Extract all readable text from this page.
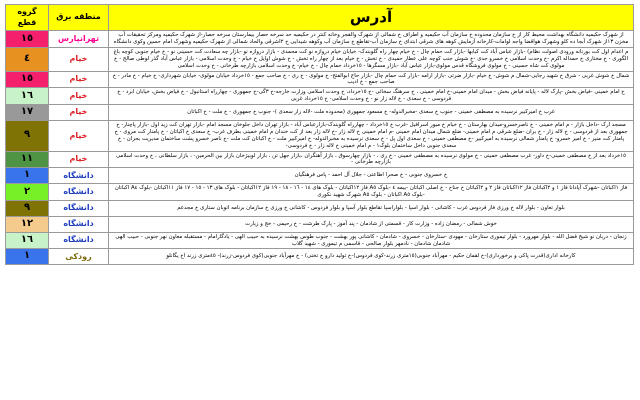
آدرس	منطقه برق	گروه قطع
از شهرک حکیمیه دانشگاه بهداشت محیط کار از خ سازمان محدوده خ سازمان آب حکیمیه و اطراف خ شمالی از شهرک والفجر وخانه کنتر در حکیمیه حد سرخه حصار بیمارستان سرخه حصار-از شهرک حکیمیه ومرکز تحقیقات آب مخزن ١٣از شهرک آبجا ده کلو وشهرک هواقضا واجه لوامات-کارخانه آزمایش کوهه های شرقی ابتدای خ سازمان آب-تقاطع خ سازمان آب وکوهه شیدایی خ ٢اشرقی والحاد شمالی از شهرک حکیمیه وشهرک امام حسین وکوی دانشگاه	تهرانپارس	١٥
م اعدام اول کت بورنانه ورودی اصولت نظام) -بازار عباس آباد کت کبابها -بازار کت حمام چال - خ خیام چهار راه گلوبندک- خیابان خیام دروازه نو کت محمدی - بازار دروازه نو -بازار چه سعادت کت حسینی نو - خ خیام جنوبی کوچه باغ الگوری - خ مختاری خ حمداله اکرم -خ وحدت اسلامی خ خسرو جدی -خ شوش جنب کوچه علی عطار حمیدی - خ تخش - خ خیام بعد از چهار راه تخش - خ شوش اوایل خ خیام - خ وحدت اسلامی - بازار عباس آباد گذر لوطی صالح - خ مولوی کت شاه حسینی - خ مولوی فروشگاه قدس مولوی-بازار عباس آباد -بازار مسگرها - ١٥خرداد حمام چال - خ خیام- خ وحدت اسلامی بازارچه طرخانی - خ وحدت اسلامی	خیام	٤
شمال خ شوش غربی - شرق خ شهید رجایی-شمال م شوش- خ خیام -بازار ضرتی -بازار ارامه -بازار کت حمام چال -بازار حاج ابوالفتح- خ مولوی - خ ری - خ صاحب جمع - ١٥خرداد خیابان مولوی- خیابان شهرداری- خ خیام - خ مادر - خ صاحب جمع - خ ادیب	خیام	١٥
خ امام خمینی -فیاض بخش -پارک لاله - پایانه فیاض بخش - میدان امام خمینی-خ امام خمینی ، خ سرهنگ سخائی -خ ١٥خرداد، خ وحدت اسلامی وزارت خارجه-خ ٣گی-خ جمهوری - چهارراه استانبول - خ فیاض بخش، خیابان ابرد - خ فردوسی - خ سعدی - خ لاله زار نو - خ وحدت اسلامی- خ ١٥خرداد غربی	خیام	١٦
غرب خ امیرکبیر نرسیده به مصطفی خمینی - جنوب خ سعدی -مخبرالدوله- خ مسعود جمهوری (محدوده ملت -لاله زار سعدی )- جنوب خ جمهوری - خ ملت - خ اکباتان	خیام	١٧
مسجد ارک -داخل بازار - م امام خمینی - خ ناصرخسرو-میدان بهارستان - خ خیام خ میور اسرافیل -غرب خ ١٥خرداد - چهارراه گلوبندک-بازارعباس آباد - بازار تهران داخل جلوخان مسجد امام -بازار تهران کت زید اول -بازار پاچنار- خ جمهوری بعد از فردوسی - خ لاله زار - خ بران -ضلع شرقی م امام خمینی- ضلع شمال میدان امام خمینی -م امام خمینی خ لاله زار -خ لاله زار بعد از کت خندان م امام خمینی بطرف غرب- خ سعدی خ اکباتان - خ پامنار کت مروی - خ پامنار کت منیر - خ امیر خسرو- خ پامنار شمالی نرسیده به امیرکبیر -خ مصطفی خمینی - خ سعدی اول پل - خ سعدی نرسیده به مخبرالدوله- خ امیرکبیر ملت - خ اکباتان کت ملت -خ ناصر خسرو پشت ساختمان مدیریت بحران - خ سعدی جنوبی داخل ساختمان بلوک١ - م امام خمینی خ لاله زار - خ فردوسی-	خیام	٩
١٥خرداد بعد از خ مصطفی خمینی-خ داور- غرب مصطفی خمینی - خ مولوی نرسیده به مصطفی خمینی - خ ری ، - بازار چهارسوق ، بازار آهنگران ،بازار جهل تن ، بازار لوبیژخان بازار بین الحرمین- ، بازار سلطانی ، خ وحدت اسلامی بازارچه طرخانی -	خیام	١١
خ خسروی جنوبی - خ صحرا اطاعتی - جلال آل احمد - پاس فرهنگیان	دانشگاه	١
فاز ١اکباتان -شهرک آپادانا فاز ١ و ٢اکباتان فاز ١٢اکباتان فاز ٢ و ٢اکباتان خ جناح - خ اصلی اکباتان -بیمه ٤ -بلوک A٥ فاز ١٢اکباتان - بلوک های ١٤ - ١٦ - ١٨ - ١٩ فاز ١٢اکباتان - بلوک های ١٣ - ١٥ - ١٧ فاز ١١اکباتان -بلوک A٤ اکباتان -بلوک A٥ اکباتان - بلوک A٥ شهرک شهید نکوری	دانشگاه	٢
بلوار تعاون - بلوار لاله خ ورزی فاز فردوس غرب - کاشانی - بلوار اسپا - بلواراسپا تقاطع بلوار آسپا و بلوار فردوس - کاشانی خ ورزی خ سازمان برنامه اتوبان ستاری خ مجدعم	دانشگاه	٩
خوش شمالی - رمضان زاده - وزارت کار - قسمتی از شادمان - پند آموز - پارک طرشت - خ رحیمی - خج و زیارت	دانشگاه	١٢
زنجان - دربان نو شیخ فضل الله - بلوار مهرورد - بلوار تیموری ستارخان - مهودی -ستارخان - خسروی - شادمان - کاشانی پور بهشت - جنوب طوس بهشت نرسیده به حبیب الهی - یادگارامام - مستقبله معاون نهر جنوبی - حبیب الهی شادمان شادمان - نادمهر بلوار صالحی - قاسمی م تیموری - شهید گلاب	دانشگاه	١٦
کارخانه اداری(قدرت پاکی و برخورداری)-خ لقمان حکیم - مهرآباد جنوبی(١٥متری زرند-کوی فردوس)-خ تولید دارو خ تختی) - خ مهرآباد جنوبی(کوی فردوس-زرند)- ٤٥متری زرند اخ یگانلو	رودکی	١
